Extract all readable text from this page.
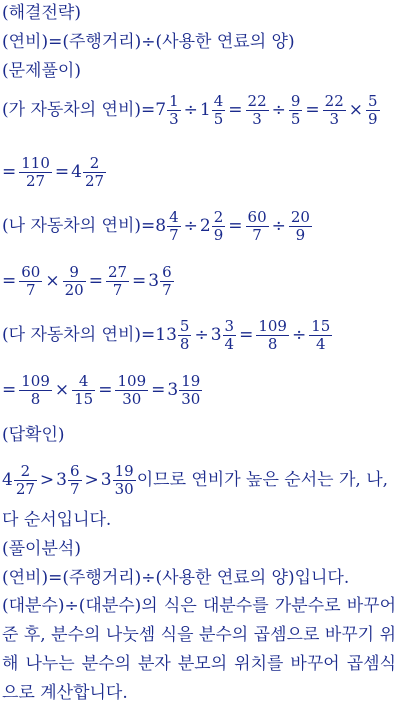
(해결전략)
(연비)=(주행거리)÷(사용한 연료의 양)
(문제풀이)
(가 자동차의 연비)$=7 \frac{1}{3} \div 1 \frac{4}{5} = \frac{22}{3} \div \frac{9}{5} = \frac{22}{3} \times \frac{5}{9}$
= $\frac{110}{27} = 4 \frac{2}{27}$
(나 자동차의 연비)$=8 \frac{4}{7} \div 2 \frac{2}{9} = \frac{60}{7} \div \frac{20}{9}$
= $\frac{60}{7} \times \frac{9}{20} = \frac{27}{7} = 3 \frac{6}{7}$
(다 자동차의 연비)$=13 \frac{5}{8} \div 3 \frac{3}{4} = \frac{109}{8} \div \frac{15}{4}$
= $\frac{109}{8} \times \frac{4}{15} = \frac{109}{30} = 3 \frac{19}{30}$
(답확인)
$4 \frac{2}{27} > 3 \frac{6}{7} > 3 \frac{19}{30}$ 이므로 연비가 높은 순서는 가, 나,
다 순서입니다.
(풀이분석)
(연비)=(주행거리)÷(사용한 연료의 양)입니다.
(대분수)÷(대분수)의 식은 대분수를 가분수로 바꾸어 준 후, 분수의 나눗셈 식을 분수의 곱셈으로 바꾸기 위해 나누는 분수의 분자 분모의 위치를 바꾸어 곱셈식으로 계산합니다.
